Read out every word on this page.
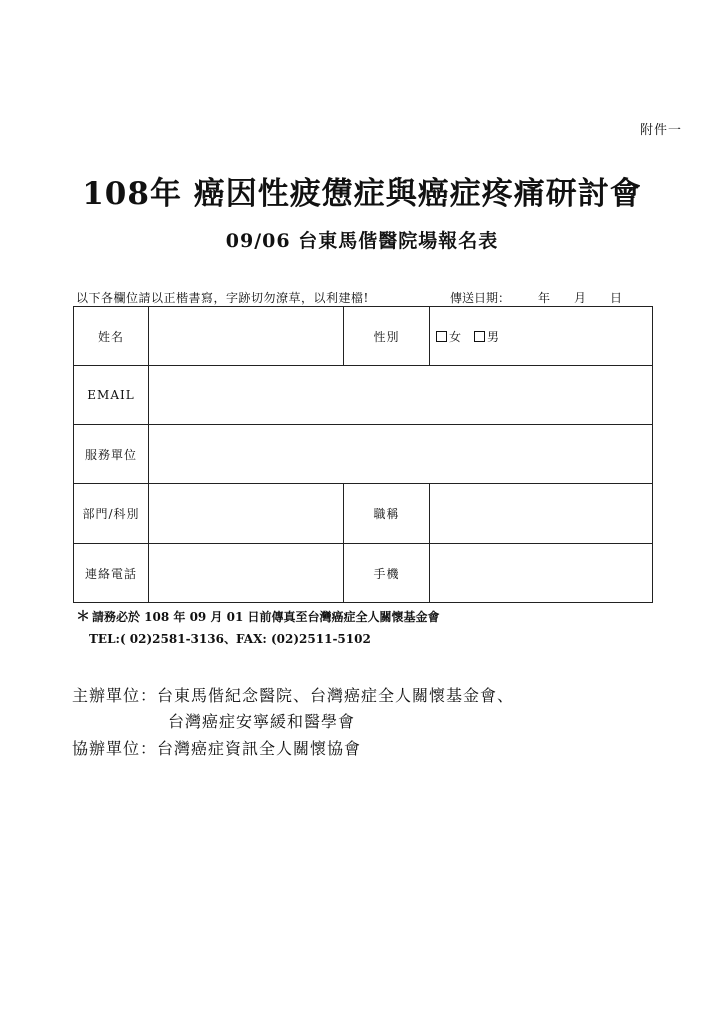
附件一
108年 癌因性疲憊症與癌症疼痛研討會
09/06 台東馬偕醫院場報名表
以下各欄位請以正楷書寫，字跡切勿潦草，以利建檔!	傳送日期： 年 月 日
姓名		性別	女 男
EMAIL			
服務單位			
部門/科別		職稱	
連絡電話		手機	
＊ 請務必於 108 年 09 月 01 日前傳真至台灣癌症全人關懷基金會
TEL:( 02)2581-3136、FAX: (02)2511-5102
主辦單位：台東馬偕紀念醫院、台灣癌症全人關懷基金會、
台灣癌症安寧緩和醫學會
協辦單位：台灣癌症資訊全人關懷協會
